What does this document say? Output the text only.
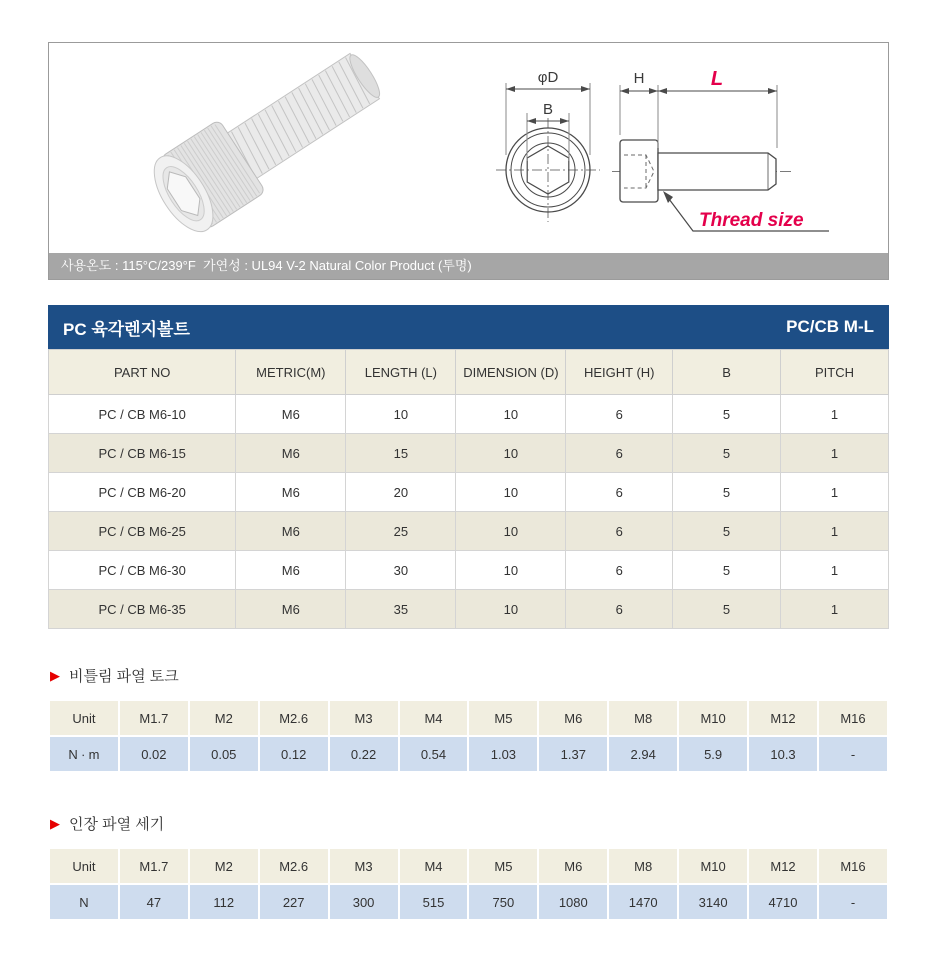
φD
B
H	L
Thread size
사용온도 : 115°C/239°F  가연성 : UL94 V-2 Natural Color Product (투명)
PC 육각렌지볼트	PC/CB M-L
PART NO	METRIC(M)	LENGTH (L)	DIMENSION (D)	HEIGHT (H)	B	PITCH
PC / CB M6-10	M6	10	10	6	5	1
PC / CB M6-15	M6	15	10	6	5	1
PC / CB M6-20	M6	20	10	6	5	1
PC / CB M6-25	M6	25	10	6	5	1
PC / CB M6-30	M6	30	10	6	5	1
PC / CB M6-35	M6	35	10	6	5	1
▶ 비틀림 파열 토크
Unit	M1.7	M2	M2.6	M3	M4	M5	M6	M8	M10	M12	M16
N ∙ m	0.02	0.05	0.12	0.22	0.54	1.03	1.37	2.94	5.9	10.3	-
▶ 인장 파열 세기
Unit	M1.7	M2	M2.6	M3	M4	M5	M6	M8	M10	M12	M16
N	47	112	227	300	515	750	1080	1470	3140	4710	-
